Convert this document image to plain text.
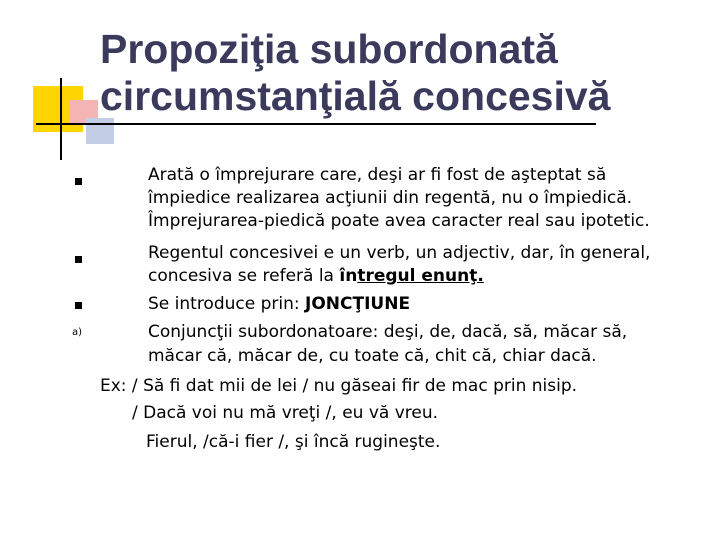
Propoziţia subordonată
circumstanţială concesivă
Arată o împrejurare care, deşi ar fi fost de aşteptat să
împiedice realizarea acţiunii din regentă, nu o împiedică.
Împrejurarea-piedică poate avea caracter real sau ipotetic.
Regentul concesivei e un verb, un adjectiv, dar, în general,
concesiva se referă la întregul enunţ.
Se introduce prin: JONCŢIUNE
a)	Conjuncţii subordonatoare: deşi, de, dacă, să, măcar să,
măcar că, măcar de, cu toate că, chit că, chiar dacă.
Ex: / Să fi dat mii de lei / nu găseai fir de mac prin nisip.
/ Dacă voi nu mă vreţi /, eu vă vreu.
Fierul, /că-i fier /, şi încă rugineşte.
